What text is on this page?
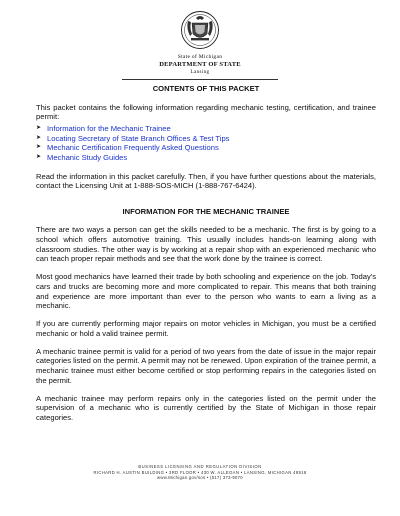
State of Michigan
DEPARTMENT OF STATE
Lansing
CONTENTS OF THIS PACKET

This packet contains the following information regarding mechanic testing, certification, and trainee permit:

➤ Information for the Mechanic Trainee
➤ Locating Secretary of State Branch Offices & Test Tips
➤ Mechanic Certification Frequently Asked Questions
➤ Mechanic Study Guides

Read the information in this packet carefully. Then, if you have further questions about the materials, contact the Licensing Unit at 1-888-SOS-MICH (1-888-767-6424).

INFORMATION FOR THE MECHANIC TRAINEE

There are two ways a person can get the skills needed to be a mechanic. The first is by going to a school which offers automotive training. This usually includes hands-on learning along with classroom studies. The other way is by working at a repair shop with an experienced mechanic who can teach proper repair methods and see that the work done by the trainee is correct.

Most good mechanics have learned their trade by both schooling and experience on the job. Today's cars and trucks are becoming more and more complicated to repair. This means that both training and experience are more important than ever to the person who wants to earn a living as a mechanic.

If you are currently performing major repairs on motor vehicles in Michigan, you must be a certified mechanic or hold a valid trainee permit.

A mechanic trainee permit is valid for a period of two years from the date of issue in the major repair categories listed on the permit. A permit may not be renewed. Upon expiration of the trainee permit, a mechanic trainee must either become certified or stop performing repairs in the categories listed on the permit.

A mechanic trainee may perform repairs only in the categories listed on the permit under the supervision of a mechanic who is currently certified by the State of Michigan in those repair categories.

BUSINESS LICENSING AND REGULATION DIVISION
RICHARD H. AUSTIN BUILDING • 3RD FLOOR • 430 W. ALLEGAN • LANSING, MICHIGAN 48918
www.Michigan.gov/sos • (517) 373-9070
